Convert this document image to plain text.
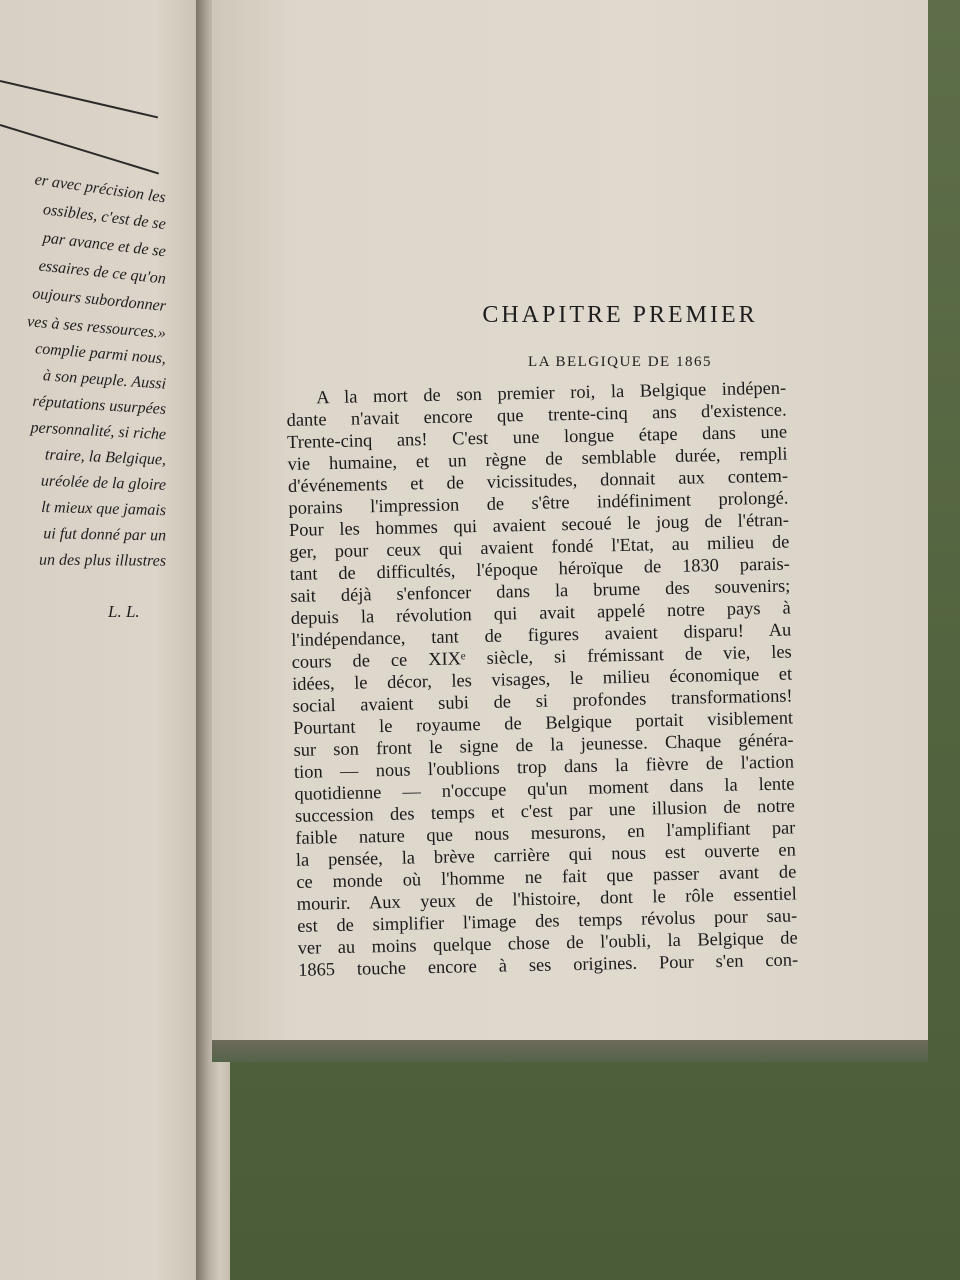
er avec précision les
ossibles, c'est de se
par avance et de se
essaires de ce qu'on
oujours subordonner
ves à ses ressources.»
complie parmi nous,
à son peuple. Aussi
réputations usurpées
personnalité, si riche
traire, la Belgique,
uréolée de la gloire
lt mieux que jamais
ui fut donné par un
un des plus illustres
L. L.
CHAPITRE PREMIER
LA BELGIQUE DE 1865
A la mort de son premier roi, la Belgique indépen-
dante n'avait encore que trente-cinq ans d'existence.
Trente-cinq ans! C'est une longue étape dans une
vie humaine, et un règne de semblable durée, rempli
d'événements et de vicissitudes, donnait aux contem-
porains l'impression de s'être indéfiniment prolongé.
Pour les hommes qui avaient secoué le joug de l'étran-
ger, pour ceux qui avaient fondé l'Etat, au milieu de
tant de difficultés, l'époque héroïque de 1830 parais-
sait déjà s'enfoncer dans la brume des souvenirs;
depuis la révolution qui avait appelé notre pays à
l'indépendance, tant de figures avaient disparu! Au
cours de ce XIXᵉ siècle, si frémissant de vie, les
idées, le décor, les visages, le milieu économique et
social avaient subi de si profondes transformations!
Pourtant le royaume de Belgique portait visiblement
sur son front le signe de la jeunesse. Chaque généra-
tion — nous l'oublions trop dans la fièvre de l'action
quotidienne — n'occupe qu'un moment dans la lente
succession des temps et c'est par une illusion de notre
faible nature que nous mesurons, en l'amplifiant par
la pensée, la brève carrière qui nous est ouverte en
ce monde où l'homme ne fait que passer avant de
mourir. Aux yeux de l'histoire, dont le rôle essentiel
est de simplifier l'image des temps révolus pour sau-
ver au moins quelque chose de l'oubli, la Belgique de
1865 touche encore à ses origines. Pour s'en con-
